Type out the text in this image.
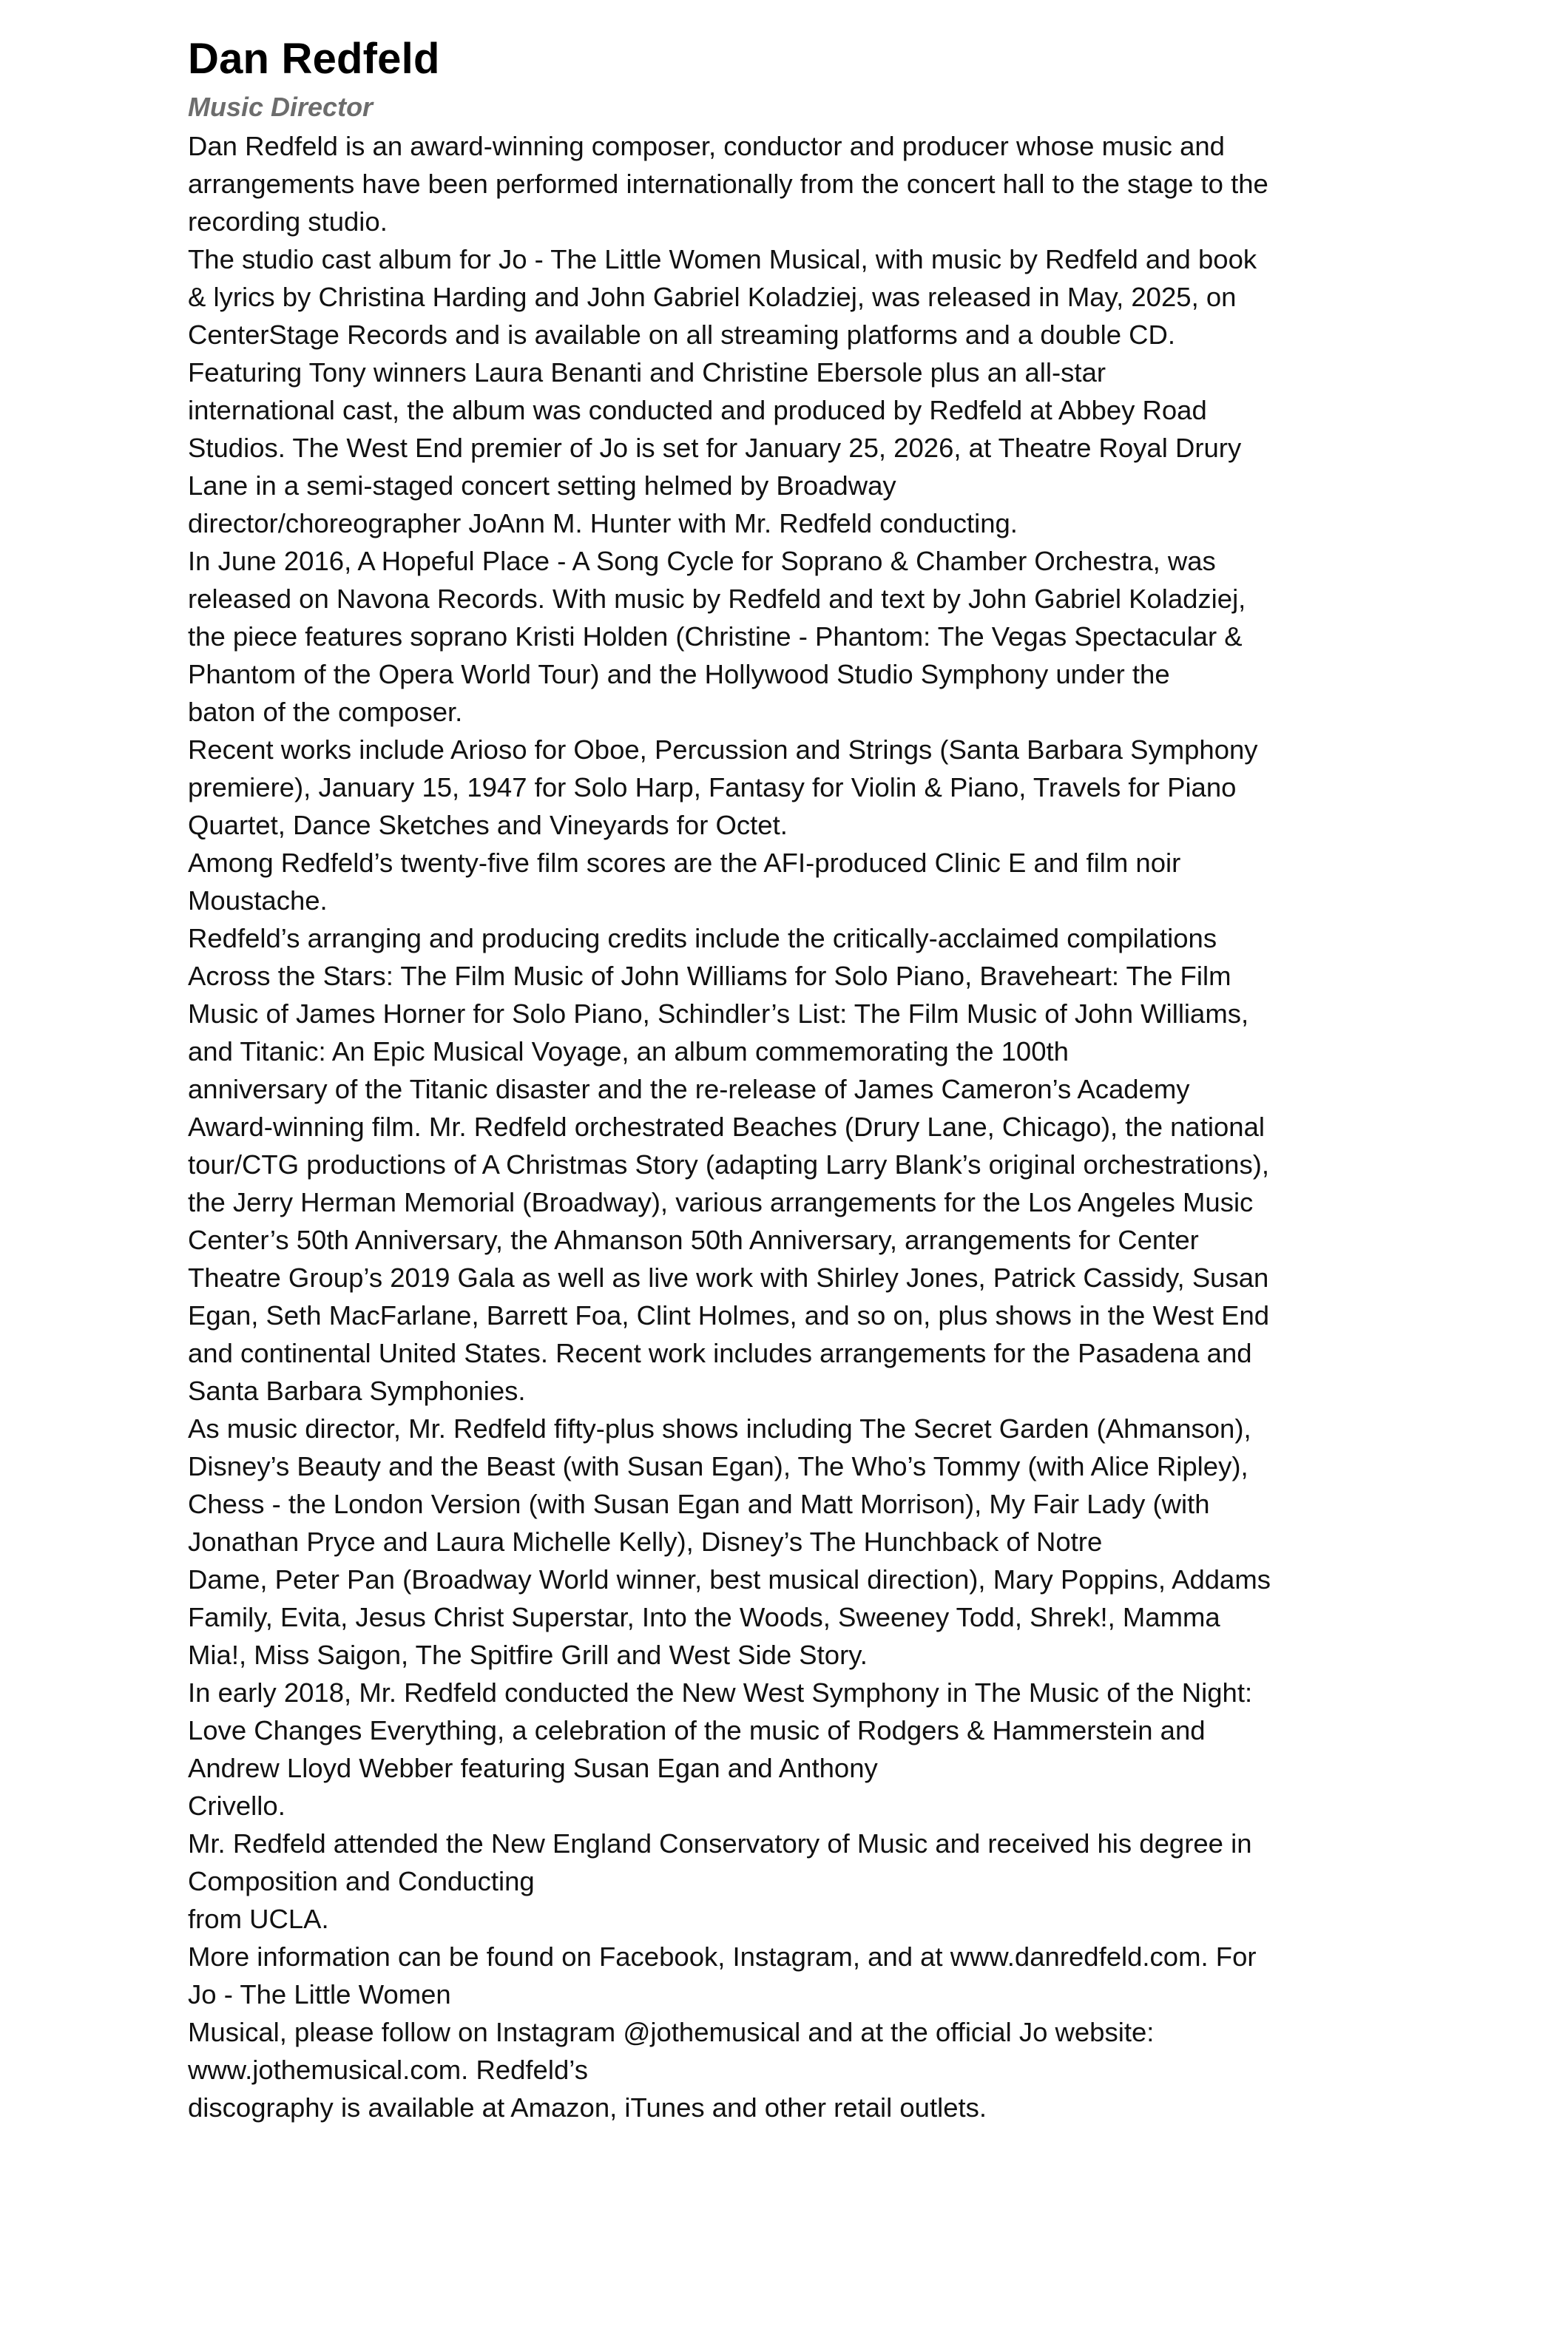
Dan Redfeld
Music Director
Dan Redfeld is an award-winning composer, conductor and producer whose music and
arrangements have been performed internationally from the concert hall to the stage to the
recording studio.
The studio cast album for Jo - The Little Women Musical, with music by Redfeld and book
& lyrics by Christina Harding and John Gabriel Koladziej, was released in May, 2025, on
CenterStage Records and is available on all streaming platforms and a double CD.
Featuring Tony winners Laura Benanti and Christine Ebersole plus an all-star
international cast, the album was conducted and produced by Redfeld at Abbey Road
Studios. The West End premier of Jo is set for January 25, 2026, at Theatre Royal Drury
Lane in a semi-staged concert setting helmed by Broadway
director/choreographer JoAnn M. Hunter with Mr. Redfeld conducting.
In June 2016, A Hopeful Place - A Song Cycle for Soprano & Chamber Orchestra, was
released on Navona Records. With music by Redfeld and text by John Gabriel Koladziej,
the piece features soprano Kristi Holden (Christine - Phantom: The Vegas Spectacular &
Phantom of the Opera World Tour) and the Hollywood Studio Symphony under the
baton of the composer.
Recent works include Arioso for Oboe, Percussion and Strings (Santa Barbara Symphony
premiere), January 15, 1947 for Solo Harp, Fantasy for Violin & Piano, Travels for Piano
Quartet, Dance Sketches and Vineyards for Octet.
Among Redfeld’s twenty-five film scores are the AFI-produced Clinic E and film noir
Moustache.
Redfeld’s arranging and producing credits include the critically-acclaimed compilations
Across the Stars: The Film Music of John Williams for Solo Piano, Braveheart: The Film
Music of James Horner for Solo Piano, Schindler’s List: The Film Music of John Williams,
and Titanic: An Epic Musical Voyage, an album commemorating the 100th
anniversary of the Titanic disaster and the re-release of James Cameron’s Academy
Award-winning film. Mr. Redfeld orchestrated Beaches (Drury Lane, Chicago), the national
tour/CTG productions of A Christmas Story (adapting Larry Blank’s original orchestrations),
the Jerry Herman Memorial (Broadway), various arrangements for the Los Angeles Music
Center’s 50th Anniversary, the Ahmanson 50th Anniversary, arrangements for Center
Theatre Group’s 2019 Gala as well as live work with Shirley Jones, Patrick Cassidy, Susan
Egan, Seth MacFarlane, Barrett Foa, Clint Holmes, and so on, plus shows in the West End
and continental United States. Recent work includes arrangements for the Pasadena and
Santa Barbara Symphonies.
As music director, Mr. Redfeld fifty-plus shows including The Secret Garden (Ahmanson),
Disney’s Beauty and the Beast (with Susan Egan), The Who’s Tommy (with Alice Ripley),
Chess - the London Version (with Susan Egan and Matt Morrison), My Fair Lady (with
Jonathan Pryce and Laura Michelle Kelly), Disney’s The Hunchback of Notre
Dame, Peter Pan (Broadway World winner, best musical direction), Mary Poppins, Addams
Family, Evita, Jesus Christ Superstar, Into the Woods, Sweeney Todd, Shrek!, Mamma
Mia!, Miss Saigon, The Spitfire Grill and West Side Story.
In early 2018, Mr. Redfeld conducted the New West Symphony in The Music of the Night:
Love Changes Everything, a celebration of the music of Rodgers & Hammerstein and
Andrew Lloyd Webber featuring Susan Egan and Anthony
Crivello.
Mr. Redfeld attended the New England Conservatory of Music and received his degree in
Composition and Conducting
from UCLA.
More information can be found on Facebook, Instagram, and at www.danredfeld.com. For
Jo - The Little Women
Musical, please follow on Instagram @jothemusical and at the official Jo website:
www.jothemusical.com. Redfeld’s
discography is available at Amazon, iTunes and other retail outlets.
